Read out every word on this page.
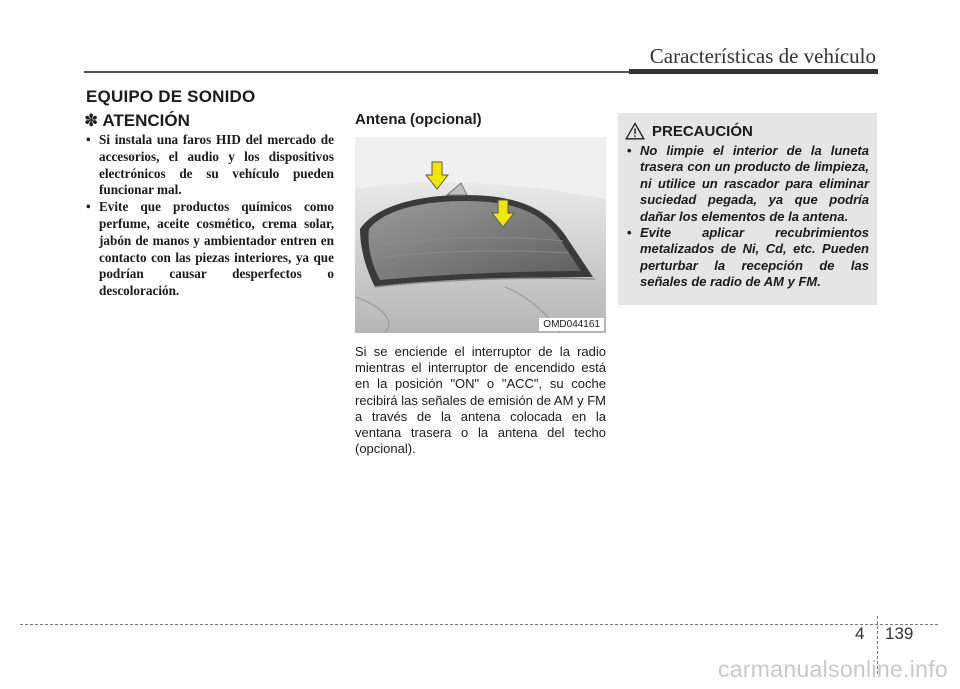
Características de vehículo
EQUIPO DE SONIDO
✽ ATENCIÓN
• Si instala una faros HID del mercado de accesorios, el audio y los dispositivos electrónicos de su vehículo pueden funcionar mal.
• Evite que productos químicos como perfume, aceite cosmético, crema solar, jabón de manos y ambientador entren en contacto con las piezas interiores, ya que podrían causar desperfectos o descoloración.
Antena (opcional)
OMD044161
Si se enciende el interruptor de la radio mientras el interruptor de encendido está en la posición "ON" o "ACC", su coche recibirá las señales de emisión de AM y FM a través de la antena colocada en la ventana trasera o la antena del techo (opcional).
PRECAUCIÓN
• No limpie el interior de la luneta trasera con un producto de limpieza, ni utilice un rascador para eliminar suciedad pegada, ya que podría dañar los elementos de la antena.
• Evite aplicar recubrimientos metalizados de Ni, Cd, etc. Pueden perturbar la recepción de las señales de radio de AM y FM.
4 139
carmanualsonline.info
